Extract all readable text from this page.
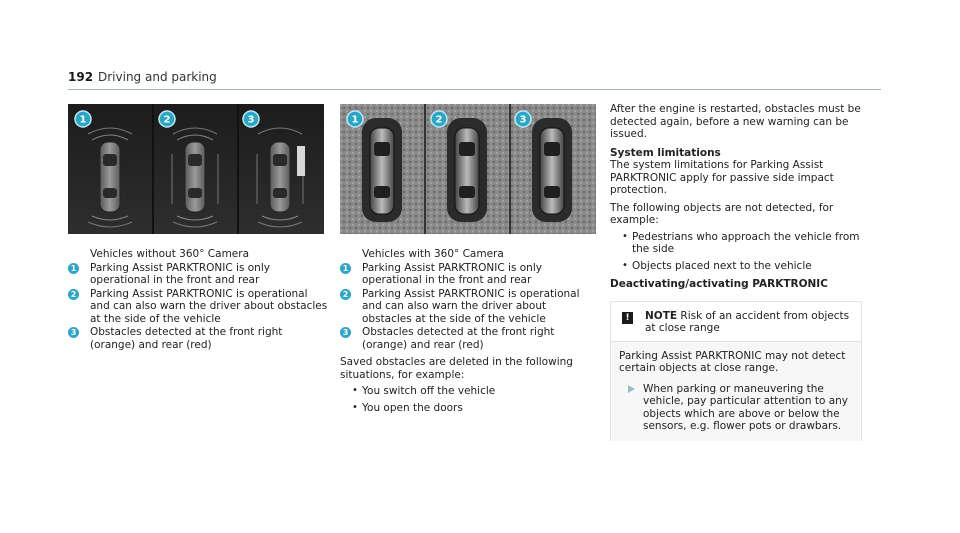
192 Driving and parking
1	2	3	1	2	3
Vehicles without 360° Camera
1 Parking Assist PARKTRONIC is only operational in the front and rear
2 Parking Assist PARKTRONIC is operational and can also warn the driver about obstacles at the side of the vehicle
3 Obstacles detected at the front right (orange) and rear (red)
Vehicles with 360° Camera
1 Parking Assist PARKTRONIC is only operational in the front and rear
2 Parking Assist PARKTRONIC is operational and can also warn the driver about obstacles at the side of the vehicle
3 Obstacles detected at the front right (orange) and rear (red)
Saved obstacles are deleted in the following situations, for example:
• You switch off the vehicle
• You open the doors
After the engine is restarted, obstacles must be detected again, before a new warning can be issued.
System limitations
The system limitations for Parking Assist PARKTRONIC apply for passive side impact protection.
The following objects are not detected, for example:
• Pedestrians who approach the vehicle from the side
• Objects placed next to the vehicle
Deactivating/activating PARKTRONIC
!	NOTE Risk of an accident from objects at close range
Parking Assist PARKTRONIC may not detect certain objects at close range.
When parking or maneuvering the vehicle, pay particular attention to any objects which are above or below the sensors, e.g. flower pots or drawbars.
